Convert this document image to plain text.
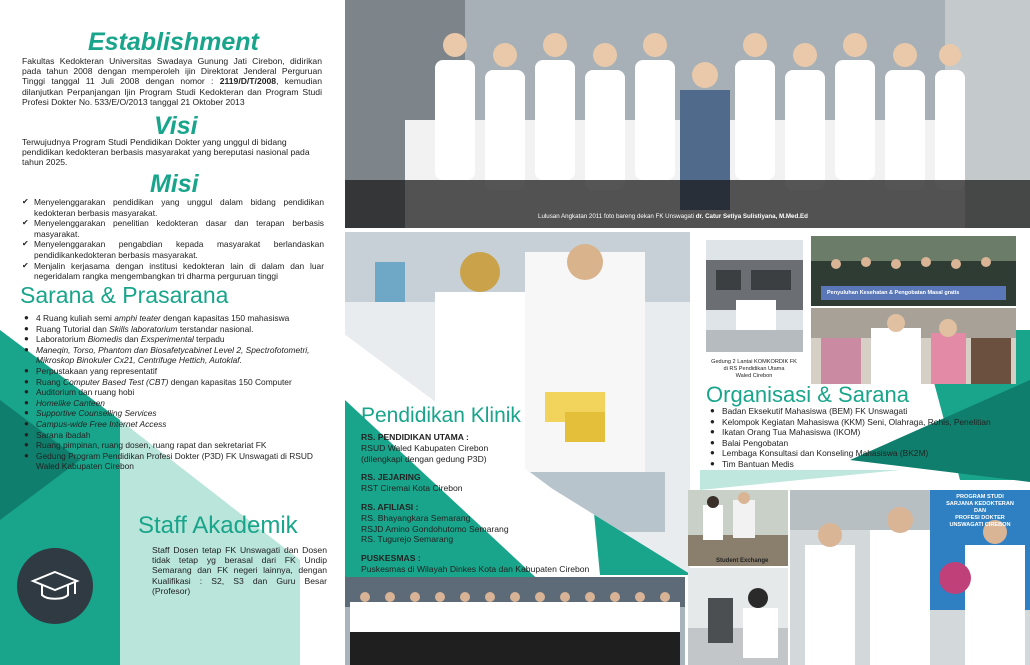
Establishment
Fakultas Kedokteran Universitas Swadaya Gunung Jati Cirebon, didirikan pada tahun 2008 dengan memperoleh ijin Direktorat Jenderal Perguruan Tinggi tanggal 11 Juli 2008 dengan nomor : 2119/D/T/2008, kemudian dilanjutkan Perpanjangan Ijin Program Studi Kedokteran dan Program Studi Profesi Dokter No. 533/E/O/2013 tanggal 21 Oktober 2013
Visi
Terwujudnya Program Studi Pendidikan Dokter yang unggul di bidang pendidikan kedokteran berbasis masyarakat yang bereputasi nasional pada tahun 2025.
Misi
✔ Menyelenggarakan pendidikan yang unggul dalam bidang pendidikan kedokteran berbasis masyarakat.
✔ Menyelenggarakan penelitian kedokteran dasar dan terapan berbasis masyarakat.
✔ Menyelenggarakan pengabdian kepada masyarakat berlandaskan pendidikankedokteran berbasis masyarakat.
✔ Menjalin kerjasama dengan institusi kedokteran lain di dalam dan luar negeridalam rangka mengembangkan tri dharma perguruan tinggi
Sarana & Prasarana
● 4 Ruang kuliah semi amphi teater dengan kapasitas 150 mahasiswa
● Ruang Tutorial dan Skills laboratorium terstandar nasional.
● Laboratorium Biomedis dan Exsperimental terpadu
● Maneqin, Torso, Phantom dan Biosafetycabinet Level 2, Spectrofotometri, Mikroskop Binokuler Cx21, Centrifuge Hettich, Autoklaf.
● Perpustakaan yang representatif
● Ruang Computer Based Test (CBT) dengan kapasitas 150 Computer
● Auditorium dan ruang hobi
● Homelike Canteen
● Supportive Counselling Services
● Campus-wide Free Internet Access
● Sarana ibadah
● Ruang pimpinan, ruang dosen, ruang rapat dan sekretariat FK
● Gedung Program Pendidikan Profesi Dokter (P3D) FK Unswagati di RSUD Waled Kabupaten Cirebon
Staff Akademik
Staff Dosen tetap FK Unswagati dan Dosen tidak tetap yg berasal dari FK Undip Semarang dan FK negeri lainnya, dengan Kualifikasi : S2, S3 dan Guru Besar (Profesor)
Lulusan Angkatan 2011 foto bareng dekan FK Unswagati dr. Catur Setiya Sulistiyana, M.Med.Ed
Pendidikan Klinik
RS. PENDIDIKAN UTAMA :
RSUD Waled Kabupaten Cirebon
(dilengkapi dengan gedung P3D)
RS. JEJARING
RST Ciremai Kota Cirebon
RS. AFILIASI :
RS. Bhayangkara Semarang
RSJD Amino Gondohutomo Semarang
RS. Tugurejo Semarang
PUSKESMAS :
Puskesmas di Wilayah Dinkes Kota dan Kabupaten Cirebon
Gedung 2 Lantai KOMKORDIK FK
di RS Pendidikan Utama
Waled Cirebon
Penyuluhan Kesehatan & Pengobatan Masal gratis
Organisasi & Sarana
● Badan Eksekutif Mahasiswa (BEM) FK Unswagati
● Kelompok Kegiatan Mahasiswa (KKM) Seni, Olahraga, Rohis, Penelitian
● Ikatan Orang Tua Mahasiswa (IKOM)
● Balai Pengobatan
● Lembaga Konsultasi dan Konseling Mahasiswa (BK2M)
● Tim Bantuan Medis
Student Exchange
PROGRAM STUDI
SARJANA KEDOKTERAN
DAN
PROFESI DOKTER
UNSWAGATI CIREBON
